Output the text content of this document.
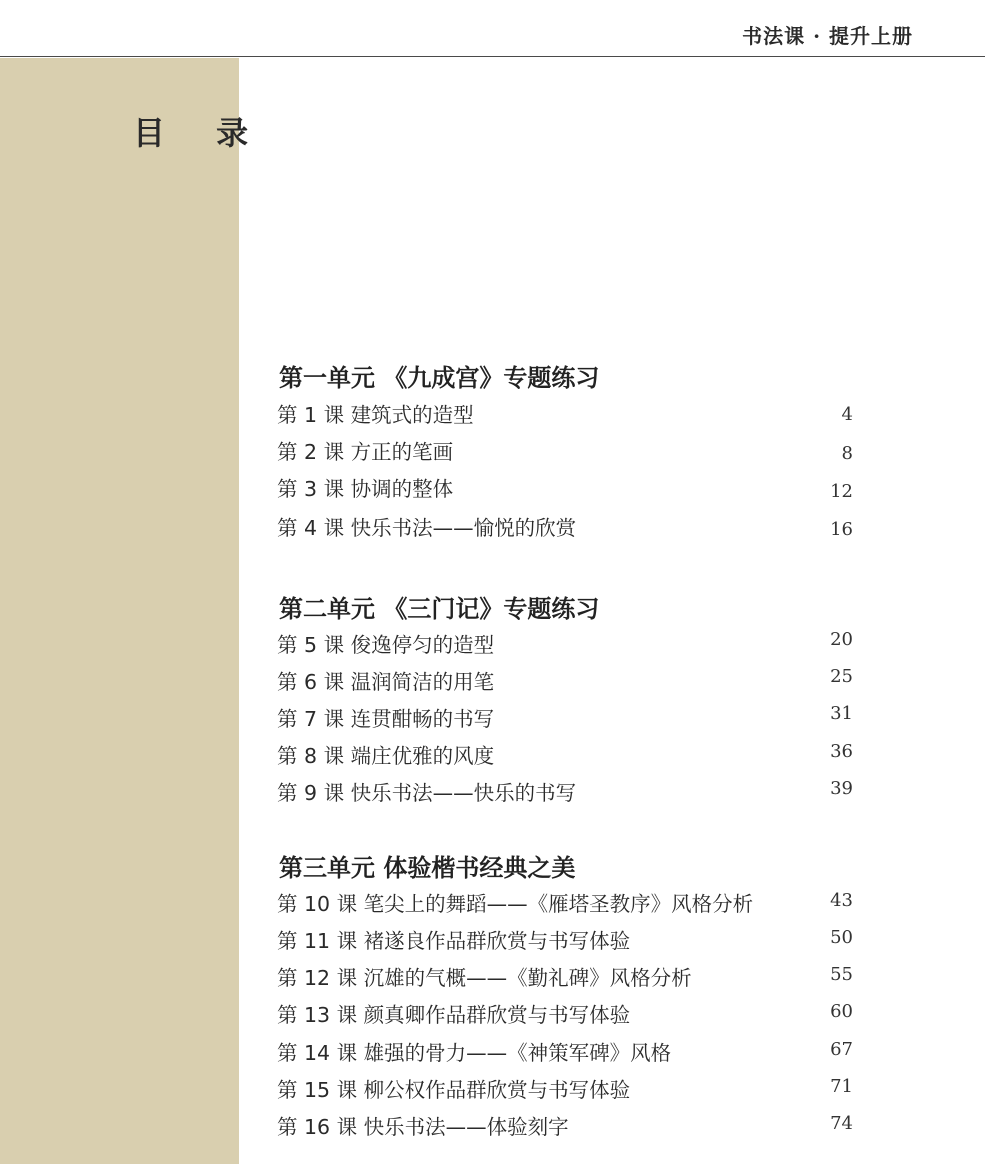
书法课 · 提升上册
目 录
第一单元 《九成宫》专题练习
第 1 课 建筑式的造型	4
第 2 课 方正的笔画	8
第 3 课 协调的整体	12
第 4 课 快乐书法——愉悦的欣赏	16
第二单元 《三门记》专题练习
第 5 课 俊逸停匀的造型	20
第 6 课 温润简洁的用笔	25
第 7 课 连贯酣畅的书写	31
第 8 课 端庄优雅的风度	36
第 9 课 快乐书法——快乐的书写	39
第三单元 体验楷书经典之美
第 10 课 笔尖上的舞蹈——《雁塔圣教序》风格分析	43
第 11 课 褚遂良作品群欣赏与书写体验	50
第 12 课 沉雄的气概——《勤礼碑》风格分析	55
第 13 课 颜真卿作品群欣赏与书写体验	60
第 14 课 雄强的骨力——《神策军碑》风格	67
第 15 课 柳公权作品群欣赏与书写体验	71
第 16 课 快乐书法——体验刻字	74
